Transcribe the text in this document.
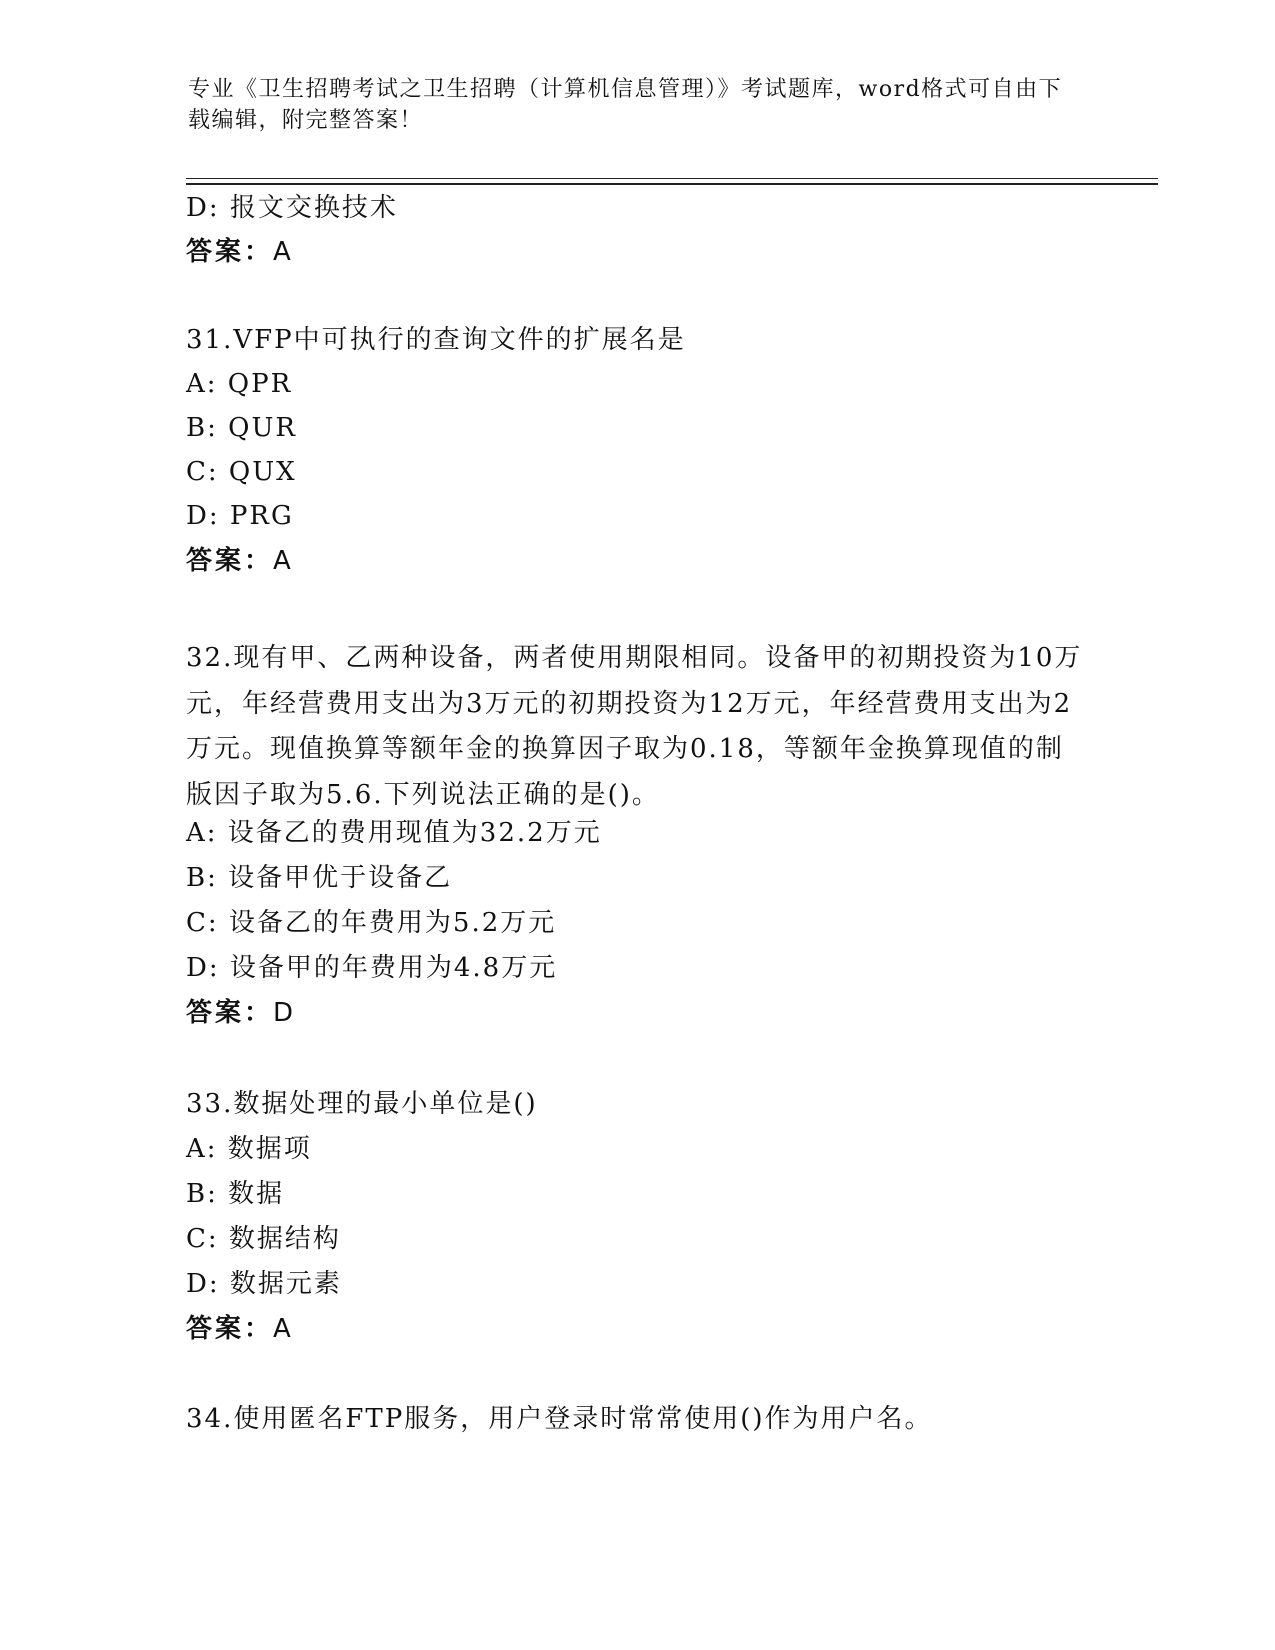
专业《卫生招聘考试之卫生招聘（计算机信息管理）》考试题库，word格式可自由下载编辑，附完整答案！
D: 报文交换技术
答案：A
31.VFP中可执行的查询文件的扩展名是
A: QPR
B: QUR
C: QUX
D: PRG
答案：A
32.现有甲、乙两种设备，两者使用期限相同。设备甲的初期投资为10万元，年经营费用支出为3万元的初期投资为12万元，年经营费用支出为2万元。现值换算等额年金的换算因子取为0.18，等额年金换算现值的制版因子取为5.6.下列说法正确的是()。
A: 设备乙的费用现值为32.2万元
B: 设备甲优于设备乙
C: 设备乙的年费用为5.2万元
D: 设备甲的年费用为4.8万元
答案：D
33.数据处理的最小单位是()
A: 数据项
B: 数据
C: 数据结构
D: 数据元素
答案：A
34.使用匿名FTP服务，用户登录时常常使用()作为用户名。
